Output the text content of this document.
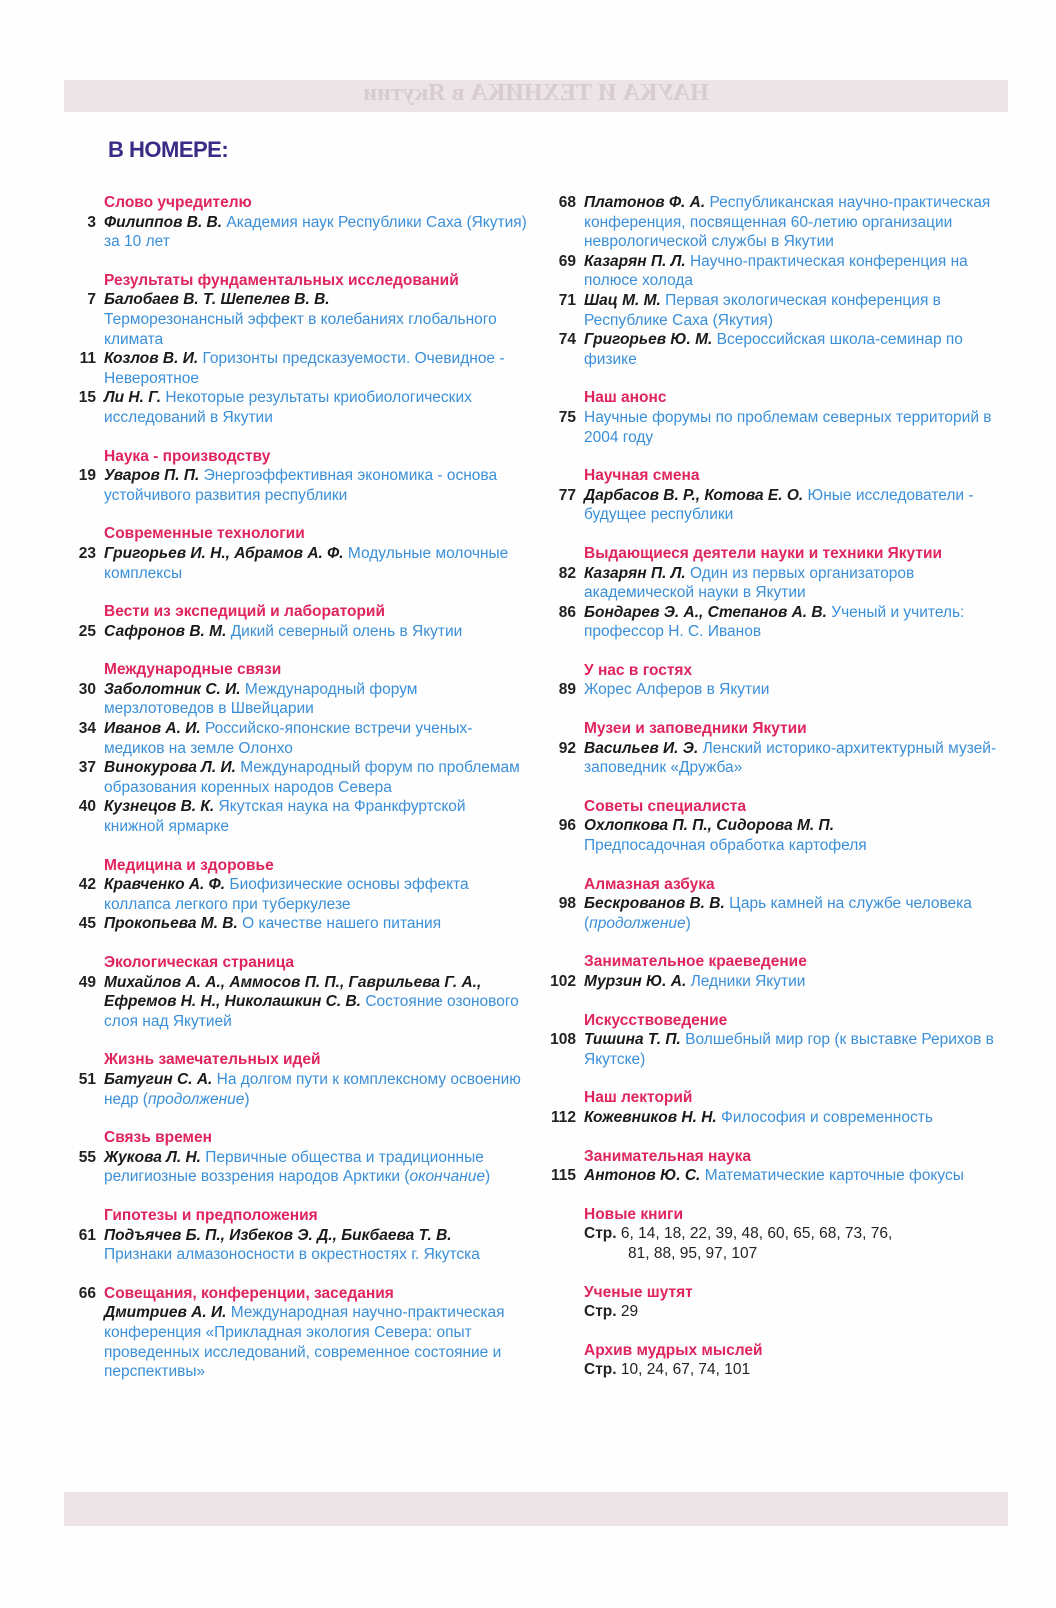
НАУКА И ТЕХНИКА в Якутии
В НОМЕРЕ:
Слово учредителю
3 Филиппов В. В. Академия наук Республики Саха (Якутия) за 10 лет
Результаты фундаментальных исследований
7 Балобаев В. Т. Шепелев В. В.
Терморезонансный эффект в колебаниях глобального климата
11 Козлов В. И. Горизонты предсказуемости. Очевидное - Невероятное
15 Ли Н. Г. Некоторые результаты криобиологических исследований в Якутии
Наука - производству
19 Уваров П. П. Энергоэффективная экономика - основа устойчивого развития республики
Современные технологии
23 Григорьев И. Н., Абрамов А. Ф. Модульные молочные комплексы
Вести из экспедиций и лабораторий
25 Сафронов В. М. Дикий северный олень в Якутии
Международные связи
30 Заболотник С. И. Международный форум мерзлотоведов в Швейцарии
34 Иванов А. И. Российско-японские встречи ученых-медиков на земле Олонхо
37 Винокурова Л. И. Международный форум по проблемам образования коренных народов Севера
40 Кузнецов В. К. Якутская наука на Франкфуртской книжной ярмарке
Медицина и здоровье
42 Кравченко А. Ф. Биофизические основы эффекта коллапса легкого при туберкулезе
45 Прокопьева М. В. О качестве нашего питания
Экологическая страница
49 Михайлов А. А., Аммосов П. П., Гаврильева Г. А., Ефремов Н. Н., Николашкин С. В. Состояние озонового слоя над Якутией
Жизнь замечательных идей
51 Батугин С. А. На долгом пути к комплексному освоению недр (продолжение)
Связь времен
55 Жукова Л. Н. Первичные общества и традиционные религиозные воззрения народов Арктики (окончание)
Гипотезы и предположения
61 Подъячев Б. П., Избеков Э. Д., Бикбаева Т. В.
Признаки алмазоносности в окрестностях г. Якутска
66 Совещания, конференции, заседания
Дмитриев А. И. Международная научно-практическая конференция «Прикладная экология Севера: опыт проведенных исследований, современное состояние и перспективы»
68 Платонов Ф. А. Республиканская научно-практическая конференция, посвященная 60-летию организации неврологической службы в Якутии
69 Казарян П. Л. Научно-практическая конференция на полюсе холода
71 Шац М. М. Первая экологическая конференция в Республике Саха (Якутия)
74 Григорьев Ю. М. Всероссийская школа-семинар по физике
Наш анонс
75 Научные форумы по проблемам северных территорий в 2004 году
Научная смена
77 Дарбасов В. Р., Котова Е. О. Юные исследователи - будущее республики
Выдающиеся деятели науки и техники Якутии
82 Казарян П. Л. Один из первых организаторов академической науки в Якутии
86 Бондарев Э. А., Степанов А. В. Ученый и учитель: профессор Н. С. Иванов
У нас в гостях
89 Жорес Алферов в Якутии
Музеи и заповедники Якутии
92 Васильев И. Э. Ленский историко-архитектурный музей-заповедник «Дружба»
Советы специалиста
96 Охлопкова П. П., Сидорова М. П.
Предпосадочная обработка картофеля
Алмазная азбука
98 Бескрованов В. В. Царь камней на службе человека (продолжение)
Занимательное краеведение
102 Мурзин Ю. А. Ледники Якутии
Искусствоведение
108 Тишина Т. П. Волшебный мир гор (к выставке Рерихов в Якутске)
Наш лекторий
112 Кожевников Н. Н. Философия и современность
Занимательная наука
115 Антонов Ю. С. Математические карточные фокусы
Новые книги
Стр. 6, 14, 18, 22, 39, 48, 60, 65, 68, 73, 76,
81, 88, 95, 97, 107
Ученые шутят
Стр. 29
Архив мудрых мыслей
Стр. 10, 24, 67, 74, 101
